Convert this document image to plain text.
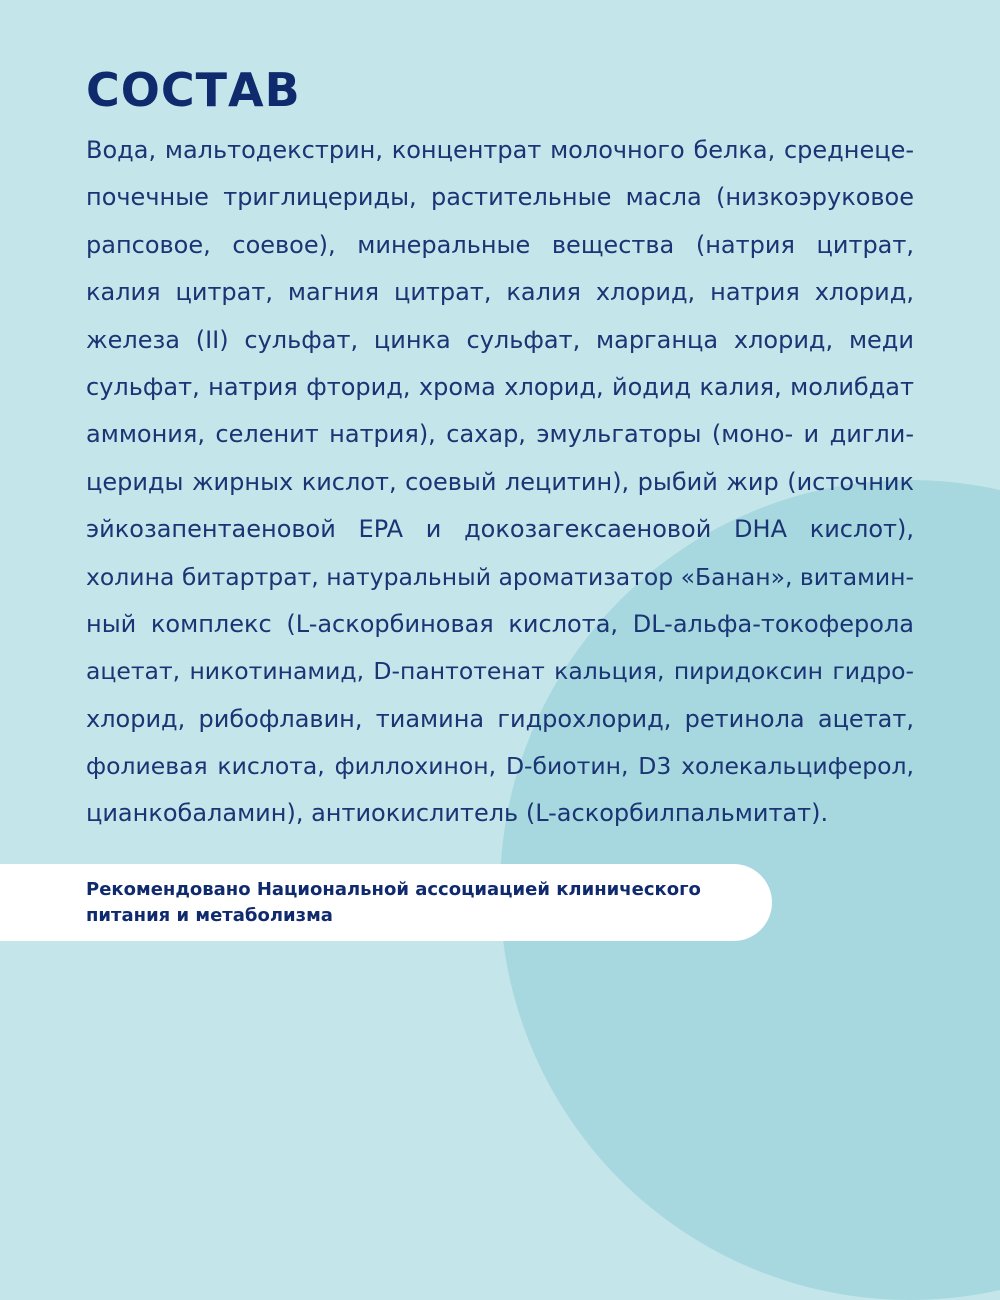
СОСТАВ
Вода, мальтодекстрин, концентрат молочного белка, среднеце-
почечные триглицериды, растительные масла (низкоэруковое
рапсовое, соевое), минеральные вещества (натрия цитрат,
калия цитрат, магния цитрат, калия хлорид, натрия хлорид,
железа (II) сульфат, цинка сульфат, марганца хлорид, меди
сульфат, натрия фторид, хрома хлорид, йодид калия, молибдат
аммония, селенит натрия), сахар, эмульгаторы (моно- и дигли-
цериды жирных кислот, соевый лецитин), рыбий жир (источник
эйкозапентаеновой EPA и докозагексаеновой DHA кислот),
холина битартрат, натуральный ароматизатор «Банан», витамин-
ный комплекс (L-аскорбиновая кислота, DL-альфа-токоферола
ацетат, никотинамид, D-пантотенат кальция, пиридоксин гидро-
хлорид, рибофлавин, тиамина гидрохлорид, ретинола ацетат,
фолиевая кислота, филлохинон, D-биотин, D3 холекальциферол,
цианкобаламин), антиокислитель (L-аскорбилпальмитат).
Рекомендовано Национальной ассоциацией клинического
питания и метаболизма
